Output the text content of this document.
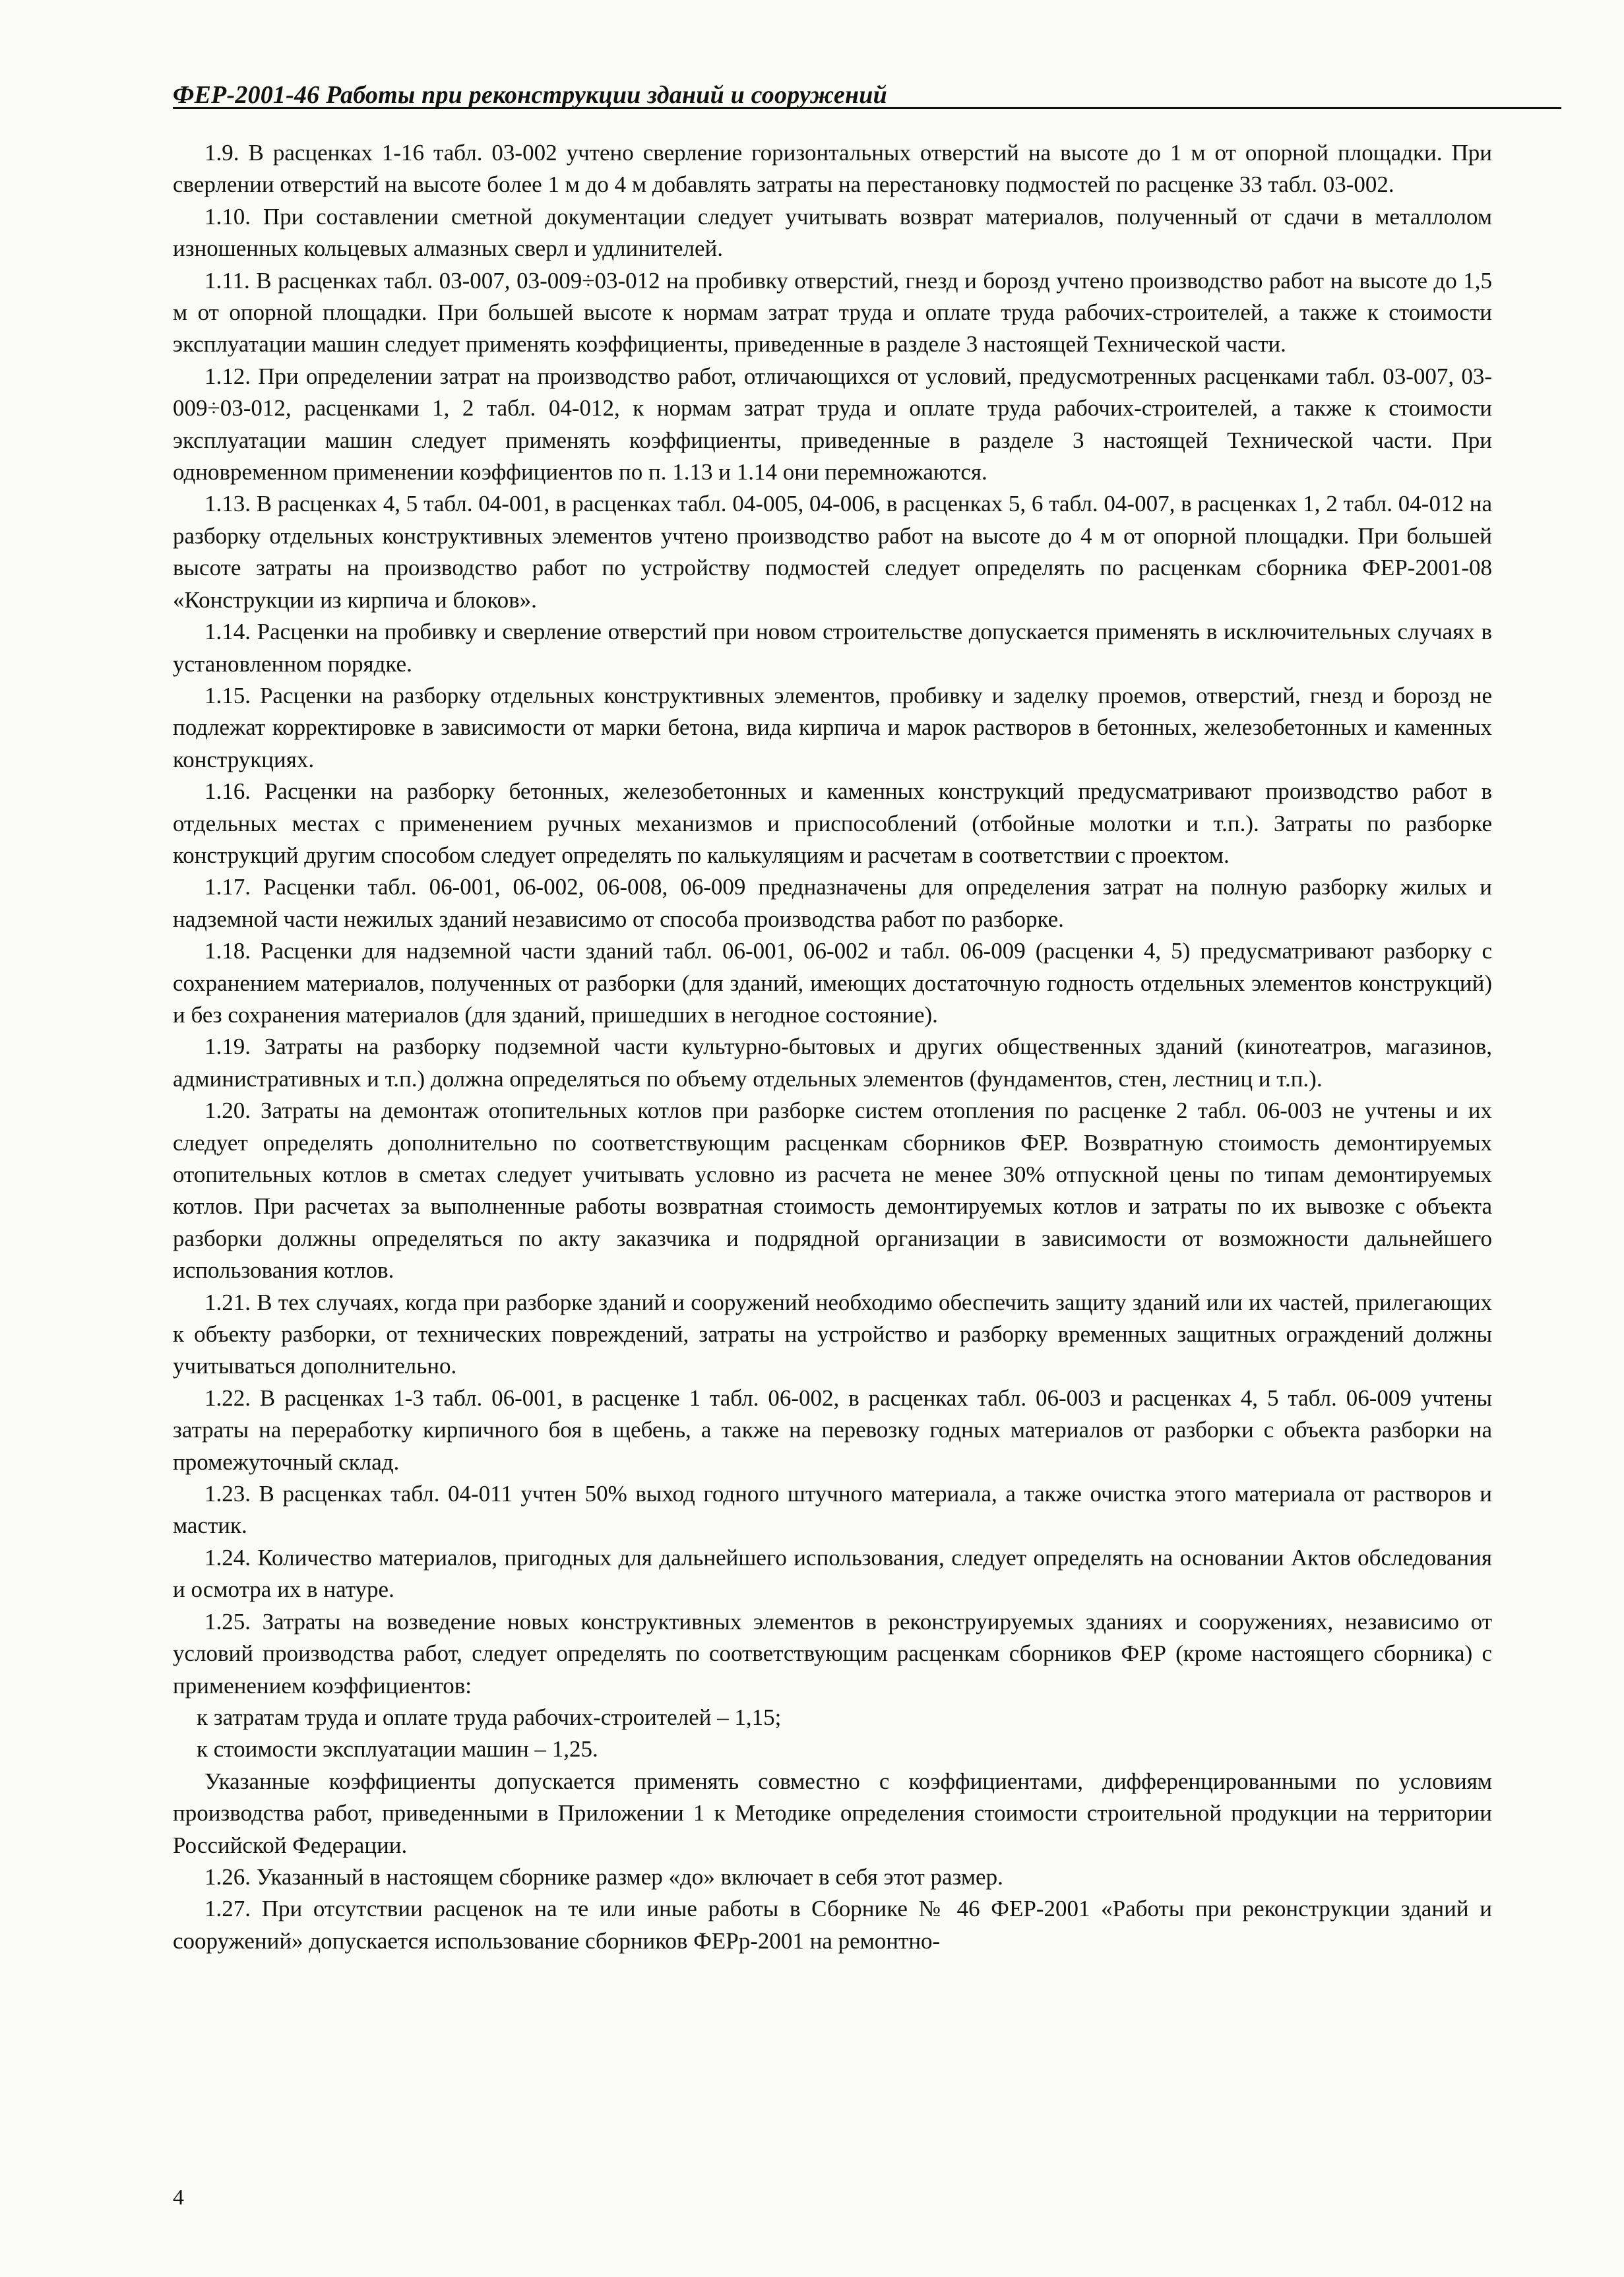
ФЕР-2001-46 Работы при реконструкции зданий и сооружений

1.9. В расценках 1-16 табл. 03-002 учтено сверление горизонтальных отверстий на высоте до 1 м от опорной площадки. При сверлении отверстий на высоте более 1 м до 4 м добавлять затраты на перестановку подмостей по расценке 33 табл. 03-002.

1.10. При составлении сметной документации следует учитывать возврат материалов, полученный от сдачи в металлолом изношенных кольцевых алмазных сверл и удлинителей.

1.11. В расценках табл. 03-007, 03-009÷03-012 на пробивку отверстий, гнезд и борозд учтено производство работ на высоте до 1,5 м от опорной площадки. При большей высоте к нормам затрат труда и оплате труда рабочих-строителей, а также к стоимости эксплуатации машин следует применять коэффициенты, приведенные в разделе 3 настоящей Технической части.

1.12. При определении затрат на производство работ, отличающихся от условий, предусмотренных расценками табл. 03-007, 03-009÷03-012, расценками 1, 2 табл. 04-012, к нормам затрат труда и оплате труда рабочих-строителей, а также к стоимости эксплуатации машин следует применять коэффициенты, приведенные в разделе 3 настоящей Технической части. При одновременном применении коэффициентов по п. 1.13 и 1.14 они перемножаются.

1.13. В расценках 4, 5 табл. 04-001, в расценках табл. 04-005, 04-006, в расценках 5, 6 табл. 04-007, в расценках 1, 2 табл. 04-012 на разборку отдельных конструктивных элементов учтено производство работ на высоте до 4 м от опорной площадки. При большей высоте затраты на производство работ по устройству подмостей следует определять по расценкам сборника ФЕР-2001-08 «Конструкции из кирпича и блоков».

1.14. Расценки на пробивку и сверление отверстий при новом строительстве допускается применять в исключительных случаях в установленном порядке.

1.15. Расценки на разборку отдельных конструктивных элементов, пробивку и заделку проемов, отверстий, гнезд и борозд не подлежат корректировке в зависимости от марки бетона, вида кирпича и марок растворов в бетонных, железобетонных и каменных конструкциях.

1.16. Расценки на разборку бетонных, железобетонных и каменных конструкций предусматривают производство работ в отдельных местах с применением ручных механизмов и приспособлений (отбойные молотки и т.п.). Затраты по разборке конструкций другим способом следует определять по калькуляциям и расчетам в соответствии с проектом.

1.17. Расценки табл. 06-001, 06-002, 06-008, 06-009 предназначены для определения затрат на полную разборку жилых и надземной части нежилых зданий независимо от способа производства работ по разборке.

1.18. Расценки для надземной части зданий табл. 06-001, 06-002 и табл. 06-009 (расценки 4, 5) предусматривают разборку с сохранением материалов, полученных от разборки (для зданий, имеющих достаточную годность отдельных элементов конструкций) и без сохранения материалов (для зданий, пришедших в негодное состояние).

1.19. Затраты на разборку подземной части культурно-бытовых и других общественных зданий (кинотеатров, магазинов, административных и т.п.) должна определяться по объему отдельных элементов (фундаментов, стен, лестниц и т.п.).

1.20. Затраты на демонтаж отопительных котлов при разборке систем отопления по расценке 2 табл. 06-003 не учтены и их следует определять дополнительно по соответствующим расценкам сборников ФЕР. Возвратную стоимость демонтируемых отопительных котлов в сметах следует учитывать условно из расчета не менее 30% отпускной цены по типам демонтируемых котлов. При расчетах за выполненные работы возвратная стоимость демонтируемых котлов и затраты по их вывозке с объекта разборки должны определяться по акту заказчика и подрядной организации в зависимости от возможности дальнейшего использования котлов.

1.21. В тех случаях, когда при разборке зданий и сооружений необходимо обеспечить защиту зданий или их частей, прилегающих к объекту разборки, от технических повреждений, затраты на устройство и разборку временных защитных ограждений должны учитываться дополнительно.

1.22. В расценках 1-3 табл. 06-001, в расценке 1 табл. 06-002, в расценках табл. 06-003 и расценках 4, 5 табл. 06-009 учтены затраты на переработку кирпичного боя в щебень, а также на перевозку годных материалов от разборки с объекта разборки на промежуточный склад.

1.23. В расценках табл. 04-011 учтен 50% выход годного штучного материала, а также очистка этого материала от растворов и мастик.

1.24. Количество материалов, пригодных для дальнейшего использования, следует определять на основании Актов обследования и осмотра их в натуре.

1.25. Затраты на возведение новых конструктивных элементов в реконструируемых зданиях и сооружениях, независимо от условий производства работ, следует определять по соответствующим расценкам сборников ФЕР (кроме настоящего сборника) с применением коэффициентов:

к затратам труда и оплате труда рабочих-строителей – 1,15;

к стоимости эксплуатации машин – 1,25.

Указанные коэффициенты допускается применять совместно с коэффициентами, дифференцированными по условиям производства работ, приведенными в Приложении 1 к Методике определения стоимости строительной продукции на территории Российской Федерации.

1.26. Указанный в настоящем сборнике размер «до» включает в себя этот размер.

1.27. При отсутствии расценок на те или иные работы в Сборнике № 46 ФЕР-2001 «Работы при реконструкции зданий и сооружений» допускается использование сборников ФЕРр-2001 на ремонтно-

4
